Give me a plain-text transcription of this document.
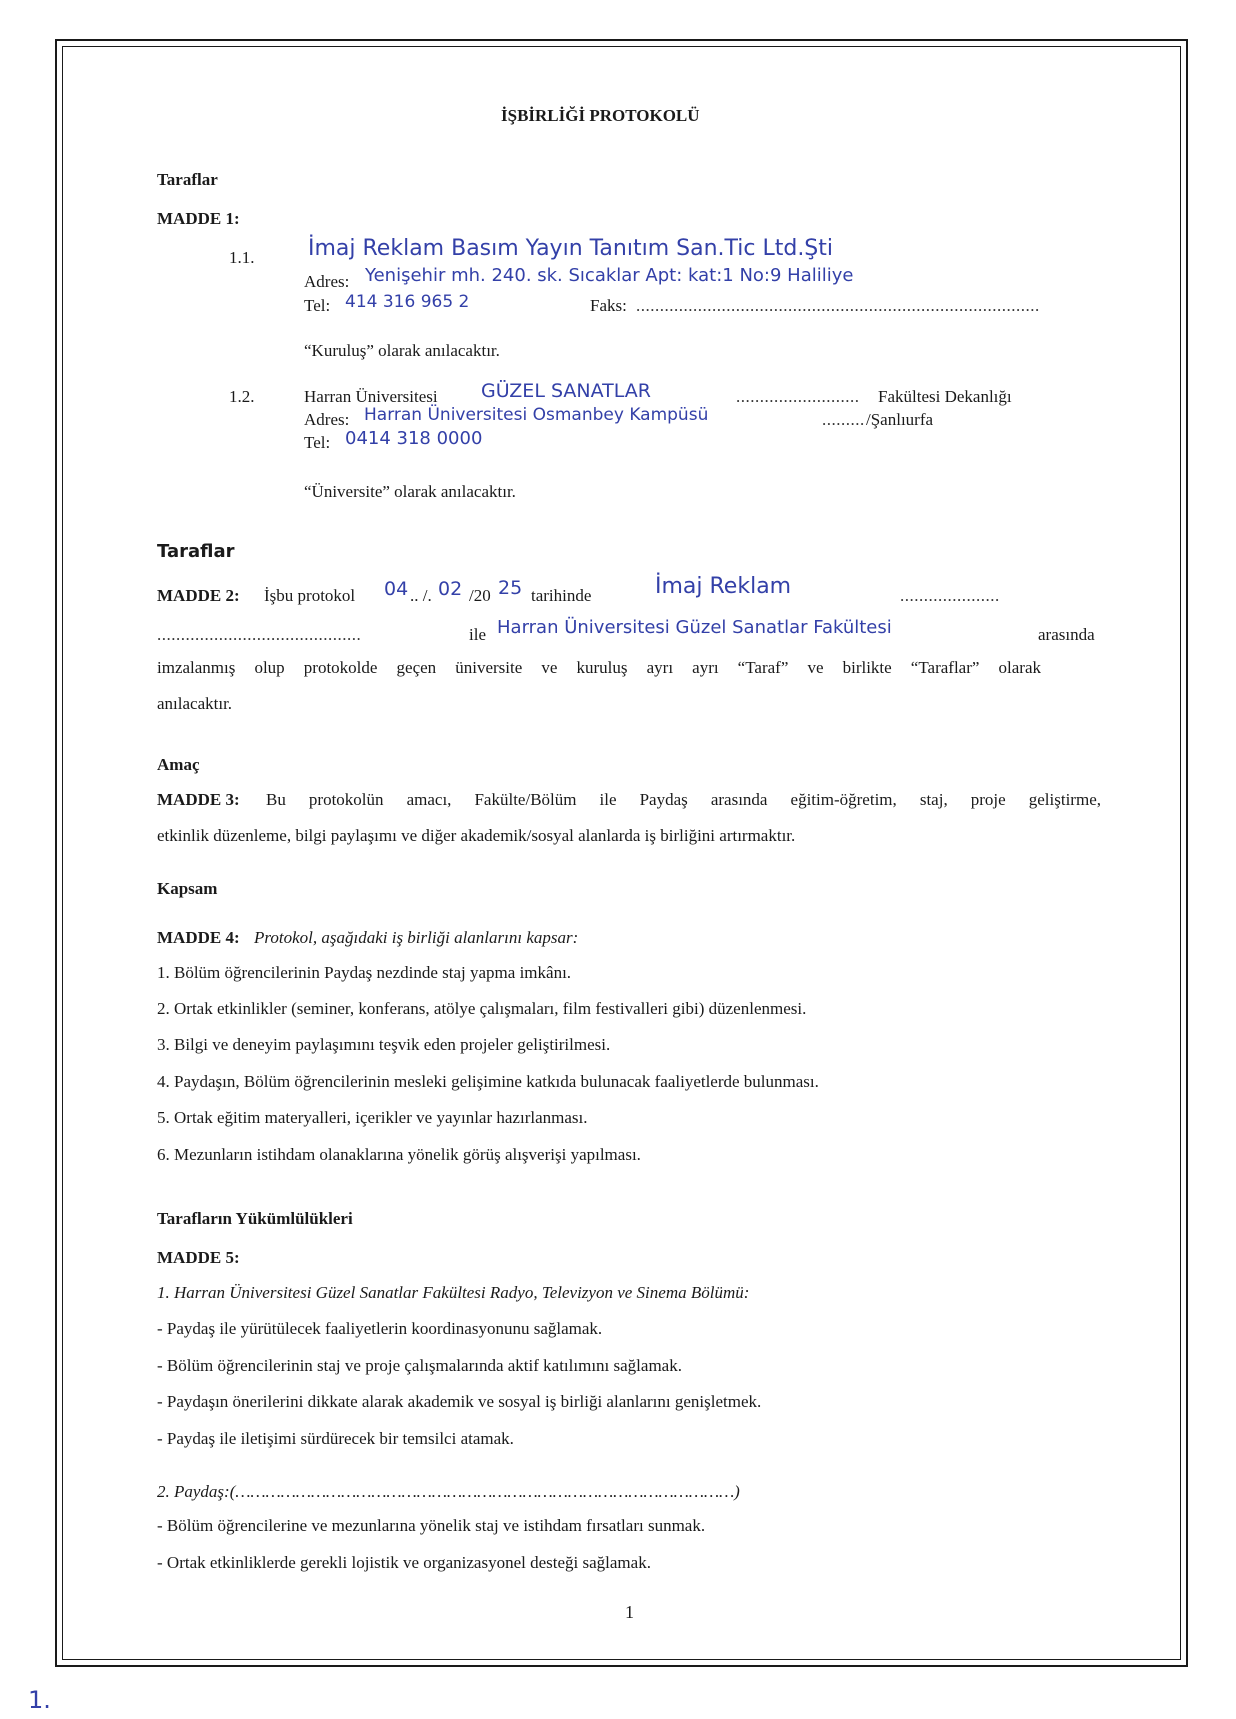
İŞBİRLİĞİ PROTOKOLÜ
Taraflar
MADDE 1:
1.1. İmaj Reklam Basım Yayın Tanıtım San.Tic Ltd.Şti
Adres: Yenişehir mh. 240. sk. Sıcaklar Apt: kat:1 No:9 Haliliye
Tel: 414 316 965 2	Faks: .....................................................................................
“Kuruluş” olarak anılacaktır.
1.2.	Harran Üniversitesi GÜZEL SANATLAR	.......................... Fakültesi Dekanlığı
Adres: Harran Üniversitesi Osmanbey Kampüsü	......... /Şanlıurfa
Tel: 0414 318 0000
“Üniversite” olarak anılacaktır.
Taraflar
MADDE 2: İşbu protokol 04 .. /. 02 /20 25 tarihinde	İmaj Reklam	.....................
...........................................	ile Harran Üniversitesi Güzel Sanatlar Fakültesi	arasında
imzalanmış olup protokolde geçen üniversite ve kuruluş ayrı ayrı “Taraf” ve birlikte “Taraflar” olarak
anılacaktır.
Amaç
MADDE 3: Bu protokolün amacı, Fakülte/Bölüm ile Paydaş arasında eğitim-öğretim, staj, proje geliştirme,
etkinlik düzenleme, bilgi paylaşımı ve diğer akademik/sosyal alanlarda iş birliğini artırmaktır.
Kapsam
MADDE 4: Protokol, aşağıdaki iş birliği alanlarını kapsar:
1. Bölüm öğrencilerinin Paydaş nezdinde staj yapma imkânı.
2. Ortak etkinlikler (seminer, konferans, atölye çalışmaları, film festivalleri gibi) düzenlenmesi.
3. Bilgi ve deneyim paylaşımını teşvik eden projeler geliştirilmesi.
4. Paydaşın, Bölüm öğrencilerinin mesleki gelişimine katkıda bulunacak faaliyetlerde bulunması.
5. Ortak eğitim materyalleri, içerikler ve yayınlar hazırlanması.
6. Mezunların istihdam olanaklarına yönelik görüş alışverişi yapılması.
Tarafların Yükümlülükleri
MADDE 5:
1. Harran Üniversitesi Güzel Sanatlar Fakültesi Radyo, Televizyon ve Sinema Bölümü:
- Paydaş ile yürütülecek faaliyetlerin koordinasyonunu sağlamak.
- Bölüm öğrencilerinin staj ve proje çalışmalarında aktif katılımını sağlamak.
- Paydaşın önerilerini dikkate alarak akademik ve sosyal iş birliği alanlarını genişletmek.
- Paydaş ile iletişimi sürdürecek bir temsilci atamak.
2. Paydaş:(………………………………………………………………………………………)
- Bölüm öğrencilerine ve mezunlarına yönelik staj ve istihdam fırsatları sunmak.
- Ortak etkinliklerde gerekli lojistik ve organizasyonel desteği sağlamak.
1
1.
